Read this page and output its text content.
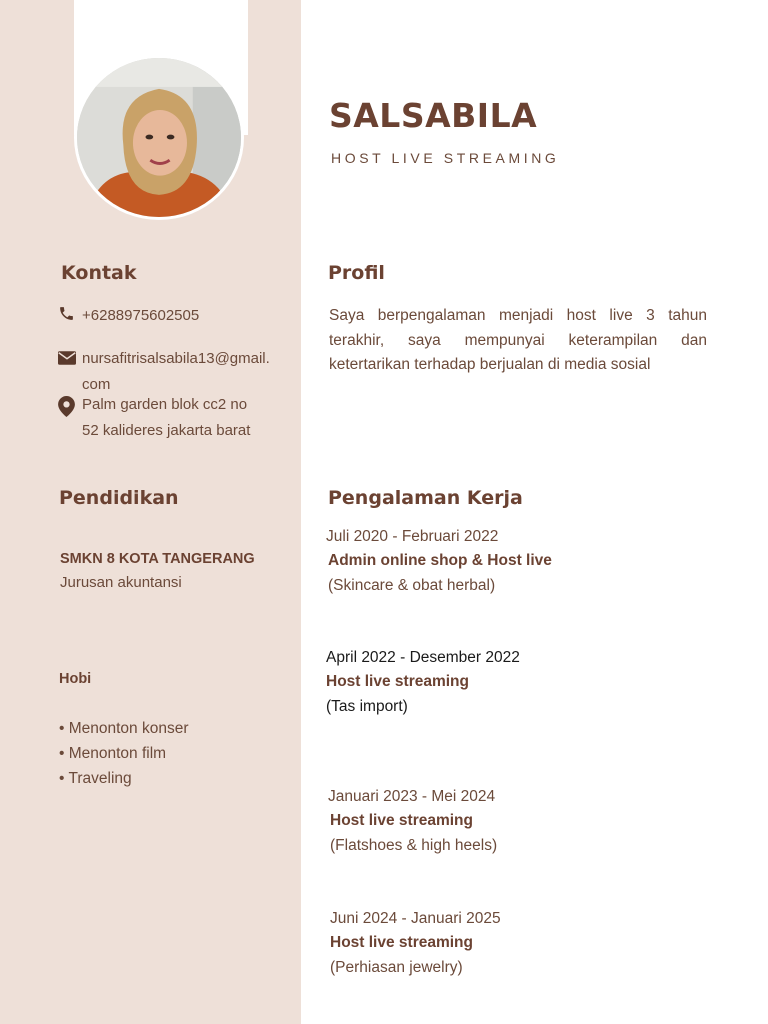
SALSABILA
HOST LIVE STREAMING
Kontak
+6288975602505
nursafitrisalsabila13@gmail.
com
Palm garden blok cc2 no
52 kalideres jakarta barat
Profil
Saya berpengalaman menjadi host live 3 tahun terakhir, saya mempunyai keterampilan dan ketertarikan terhadap berjualan di media sosial
Pendidikan
SMKN 8 KOTA TANGERANG
Jurusan akuntansi
Hobi
• Menonton konser
• Menonton film
• Traveling
Pengalaman Kerja
Juli 2020 - Februari 2022
Admin online shop & Host live
(Skincare & obat herbal)
April 2022 - Desember 2022
Host live streaming
(Tas import)
Januari 2023 - Mei 2024
Host live streaming
(Flatshoes & high heels)
Juni 2024 - Januari 2025
Host live streaming
(Perhiasan jewelry)
